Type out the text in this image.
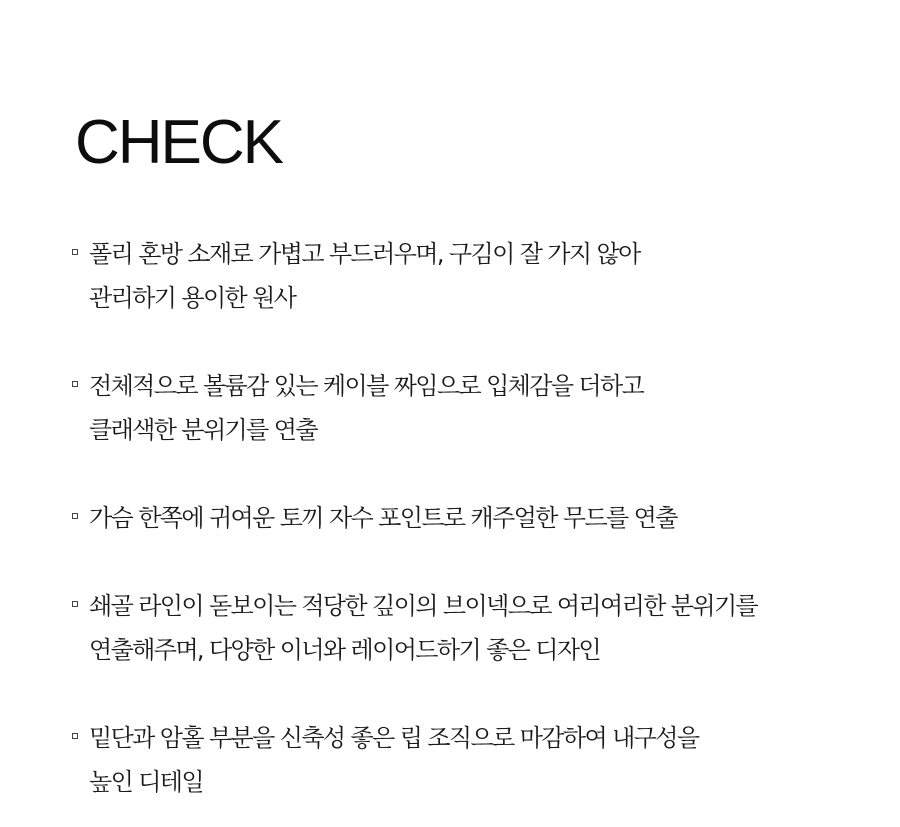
CHECK
폴리 혼방 소재로 가볍고 부드러우며, 구김이 잘 가지 않아
관리하기 용이한 원사
전체적으로 볼륨감 있는 케이블 짜임으로 입체감을 더하고
클래색한 분위기를 연출
가슴 한쪽에 귀여운 토끼 자수 포인트로 캐주얼한 무드를 연출
쇄골 라인이 돋보이는 적당한 깊이의 브이넥으로 여리여리한 분위기를
연출해주며, 다양한 이너와 레이어드하기 좋은 디자인
밑단과 암홀 부분을 신축성 좋은 립 조직으로 마감하여 내구성을
높인 디테일
